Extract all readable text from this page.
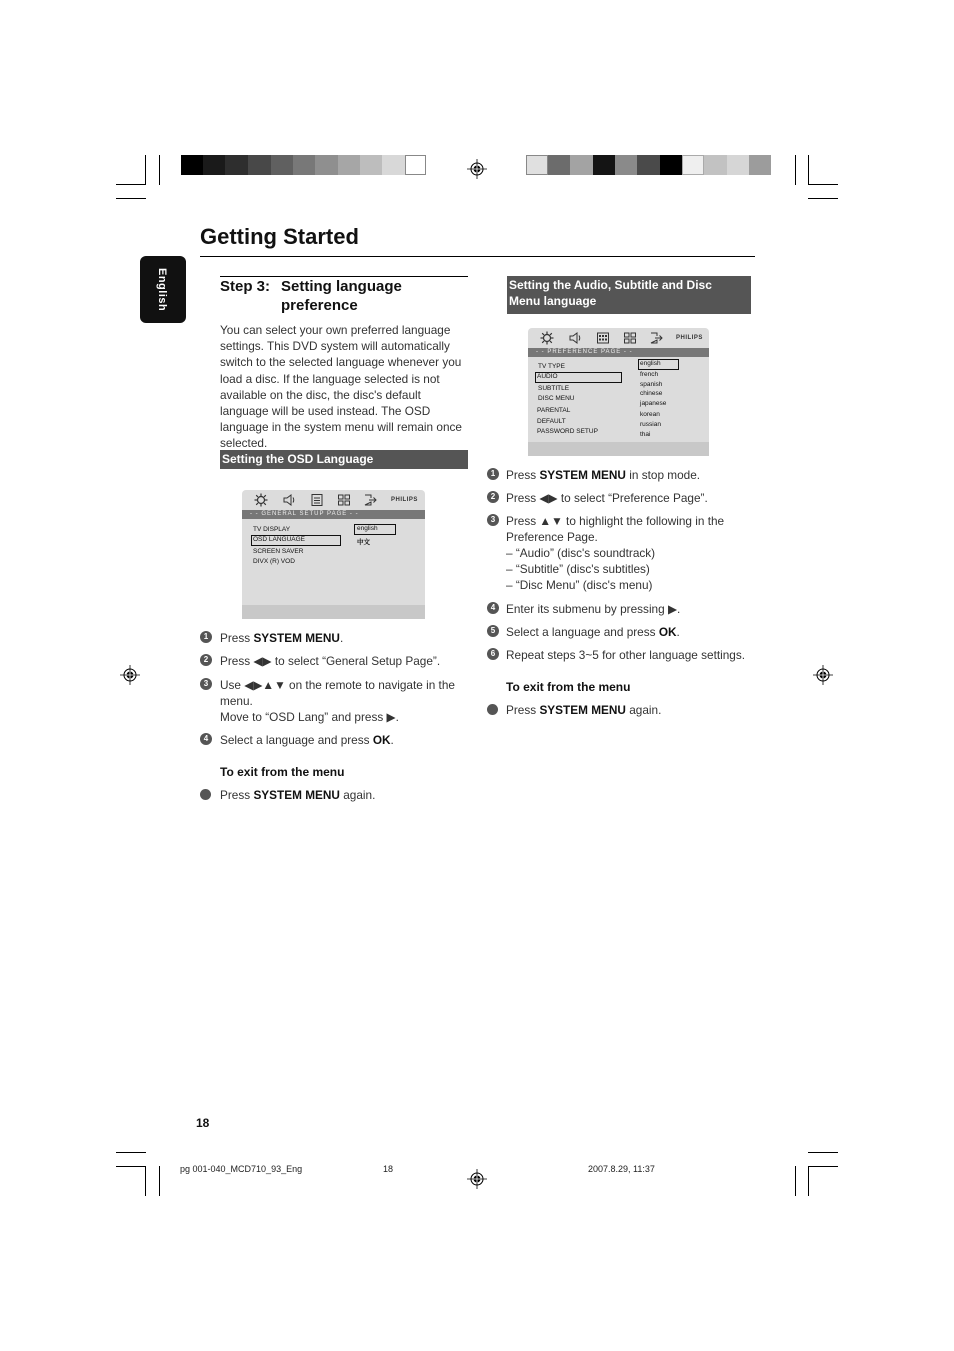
Getting Started
English	Step 3: Setting language preference
You can select your own preferred language settings. This DVD system will automatically switch to the selected language whenever you load a disc. If the language selected is not available on the disc, the disc's default language will be used instead. The OSD language in the system menu will remain once selected.
Setting the OSD Language
PHILIPS
- - GENERAL SETUP PAGE - -
TV DISPLAY
OSD LANGUAGE
SCREEN SAVER
DIVX (R) VOD
english
中文
1 Press SYSTEM MENU.
2 Press ◀▶ to select “General Setup Page”.
3 Use ◀▶▲▼ on the remote to navigate in the menu.
Move to “OSD Lang” and press ▶.
4 Select a language and press OK.
To exit from the menu
Press SYSTEM MENU again.
Setting the Audio, Subtitle and Disc
Menu language
PHILIPS
- - PREFERENCE PAGE - -
TV TYPE
AUDIO
SUBTITLE
DISC MENU
PARENTAL
DEFAULT
PASSWORD SETUP
english
french
spanish
chinese
japanese
korean
russian
thai
1 Press SYSTEM MENU in stop mode.
2 Press ◀▶ to select “Preference Page”.
3 Press ▲▼ to highlight the following in the
Preference Page.
– “Audio” (disc's soundtrack)
– “Subtitle” (disc's subtitles)
– “Disc Menu” (disc's menu)
4 Enter its submenu by pressing ▶.
5 Select a language and press OK.
6 Repeat steps 3~5 for other language settings.
To exit from the menu
Press SYSTEM MENU again.
18
pg 001-040_MCD710_93_Eng	18	2007.8.29, 11:37
